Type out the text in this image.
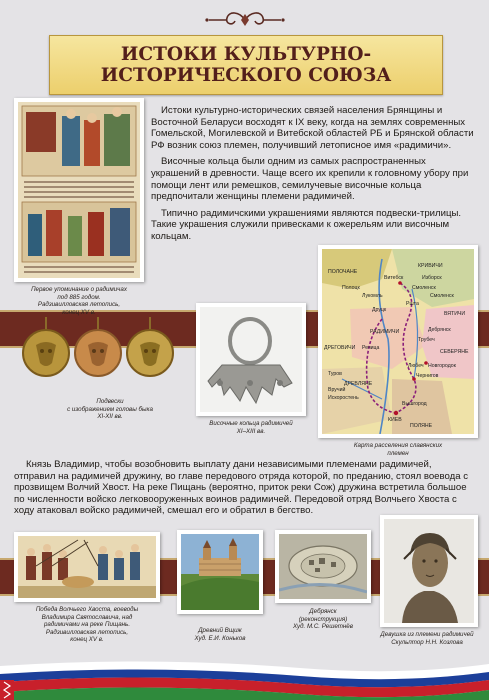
ИСТОКИ КУЛЬТУРНО-
ИСТОРИЧЕСКОГО СОЮЗА
Первое упоминание о радимичах
под 885 годом.
Радзивилловская летопись,
конец XV в.

Истоки культурно-исторических связей населения Брянщины и Восточной Беларуси восходят к IX веку, когда на землях современных Гомельской, Могилевской и Витебской областей РБ и Брянской области РФ возник союз племен, получивший летописное имя «радимичи».

Височные кольца были одним из самых распространенных украшений в древности. Чаще всего их крепили к головному убору при помощи лент или ремешков, семилучевые височные кольца предпочитали женщины племени радимичей.

Типично радимичскими украшениями являются подвески-трилицы. Такие украшения служили привесками к ожерельям или височным кольцам.

Подвески
с изображением головы быка
XI-XII вв.
Височные кольца радимичей
XI–XIII вв.
ПОЛОЧАНЕ
КРИВИЧИ
Витебск
Смоленск
Ршта
Изборск
Полоцк
Лукомль	Смоленск
Друцк
Речица
РАДИМИЧИ
Любеч
Чернигов
Трубеч
Дебрянск
СЕВЕРЯНЕ
Новгородок
Туров
Вручий
Искоростень
ДРЕВЛЯНЕ
Вышгород
КИЕВ
ПОЛЯНЕ
ДРЕГОВИЧИ
ВЯТИЧИ
Карта расселения славянских
племен

Князь Владимир, чтобы возобновить выплату дани независимыми племенами радимичей, отправил на радимичей дружину, во главе передового отряда которой, по преданию, стоял воевода с прозвищем Волчий Хвост. На реке Пищань (вероятно, приток реки Сож) дружина встретила большое по численности войско легковооруженных воинов радимичей. Передовой отряд Волчьего Хвоста с ходу атаковал войско радимичей, смешал его и обратил в бегство.

Победа Волчьего Хвоста, воеводы
Владимира Святославича, над
радимичами на реке Пищань.
Радзивилловская летопись,
конец XV в.
Древний Вщиж
Худ. Е.И. Коньков
Дебрянск
(реконструкция)
Худ. М.С. Решетнёв
Девушка из племени радимичей
Скульптор Н.Н. Козлова
